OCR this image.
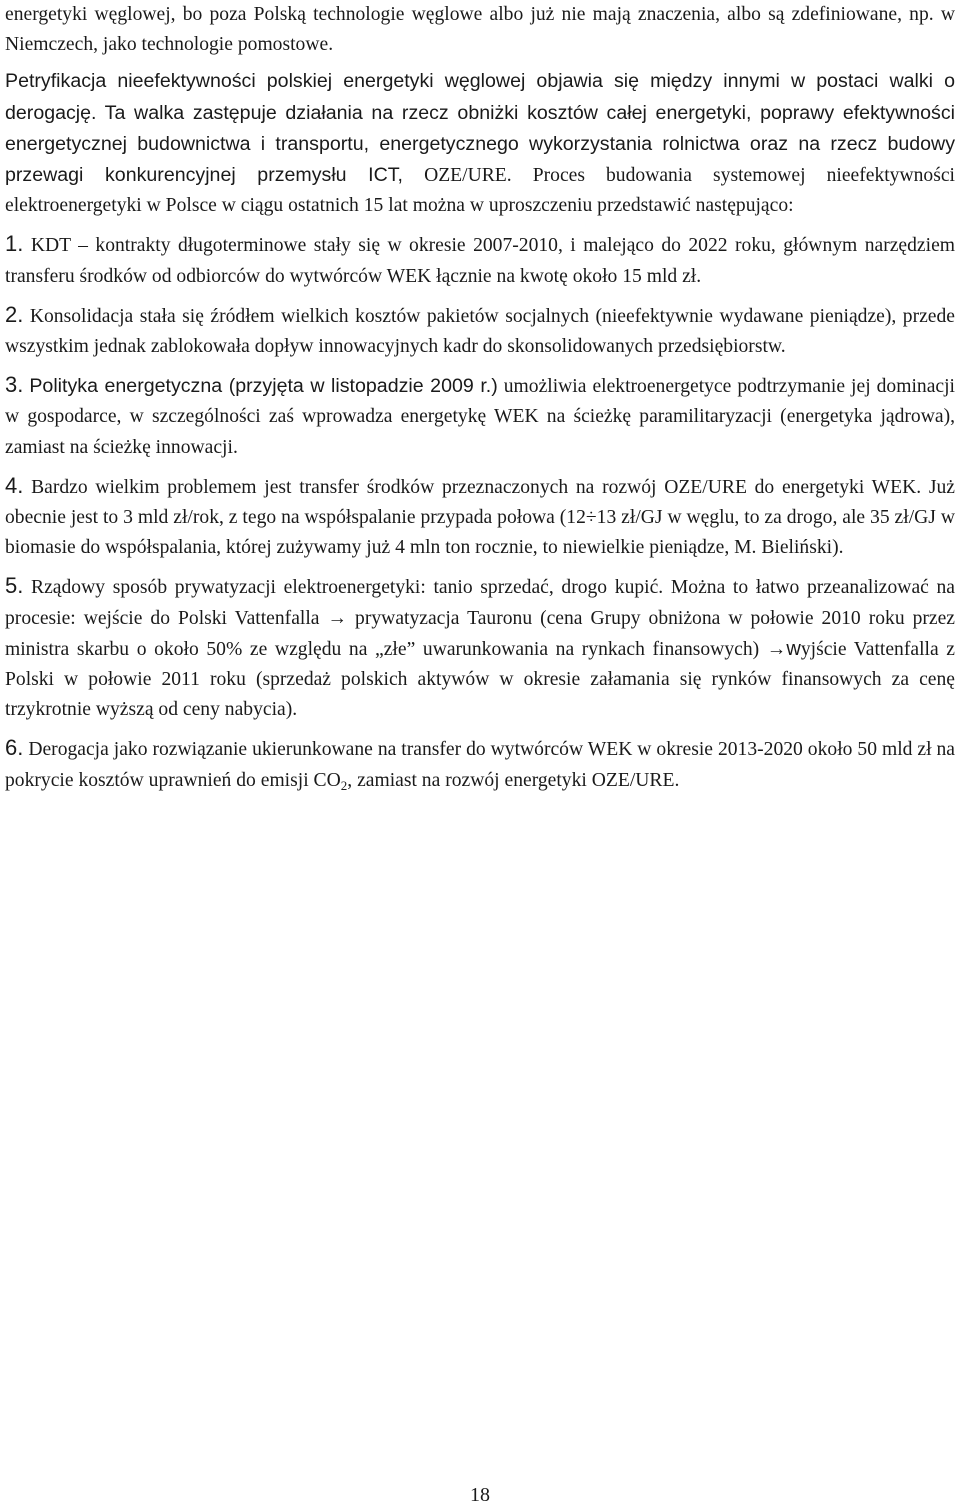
energetyki węglowej, bo poza Polską technologie węglowe albo już nie mają znaczenia, albo są zdefiniowane, np. w Niemczech, jako technologie pomostowe.

Petryfikacja nieefektywności polskiej energetyki węglowej objawia się między innymi w postaci walki o derogację. Ta walka zastępuje działania na rzecz obniżki kosztów całej energetyki, poprawy efektywności energetycznej budownictwa i transportu, energetycznego wykorzystania rolnictwa oraz na rzecz budowy przewagi konkurencyjnej przemysłu ICT, OZE/URE. Proces budowania systemowej nieefektywności elektroenergetyki w Polsce w ciągu ostatnich 15 lat można w uproszczeniu przedstawić następująco:

1. KDT – kontrakty długoterminowe stały się w okresie 2007-2010, i malejąco do 2022 roku, głównym narzędziem transferu środków od odbiorców do wytwórców WEK łącznie na kwotę około 15 mld zł.

2. Konsolidacja stała się źródłem wielkich kosztów pakietów socjalnych (nieefektywnie wydawane pieniądze), przede wszystkim jednak zablokowała dopływ innowacyjnych kadr do skonsolidowanych przedsiębiorstw.

3. Polityka energetyczna (przyjęta w listopadzie 2009 r.) umożliwia elektroenergetyce podtrzymanie jej dominacji w gospodarce, w szczególności zaś wprowadza energetykę WEK na ścieżkę paramilitaryzacji (energetyka jądrowa), zamiast na ścieżkę innowacji.

4. Bardzo wielkim problemem jest transfer środków przeznaczonych na rozwój OZE/URE do energetyki WEK. Już obecnie jest to 3 mld zł/rok, z tego na współspalanie przypada połowa (12÷13 zł/GJ w węglu, to za drogo, ale 35 zł/GJ w biomasie do współspalania, której zużywamy już 4 mln ton rocznie, to niewielkie pieniądze, M. Bieliński).

5. Rządowy sposób prywatyzacji elektroenergetyki: tanio sprzedać, drogo kupić. Można to łatwo przeanalizować na procesie: wejście do Polski Vattenfalla → prywatyzacja Tauronu (cena Grupy obniżona w połowie 2010 roku przez ministra skarbu o około 50% ze względu na „złe” uwarunkowania na rynkach finansowych) →wyjście Vattenfalla z Polski w połowie 2011 roku (sprzedaż polskich aktywów w okresie załamania się rynków finansowych za cenę trzykrotnie wyższą od ceny nabycia).

6. Derogacja jako rozwiązanie ukierunkowane na transfer do wytwórców WEK w okresie 2013-2020 około 50 mld zł na pokrycie kosztów uprawnień do emisji $CO_2$, zamiast na rozwój energetyki OZE/URE.

18
